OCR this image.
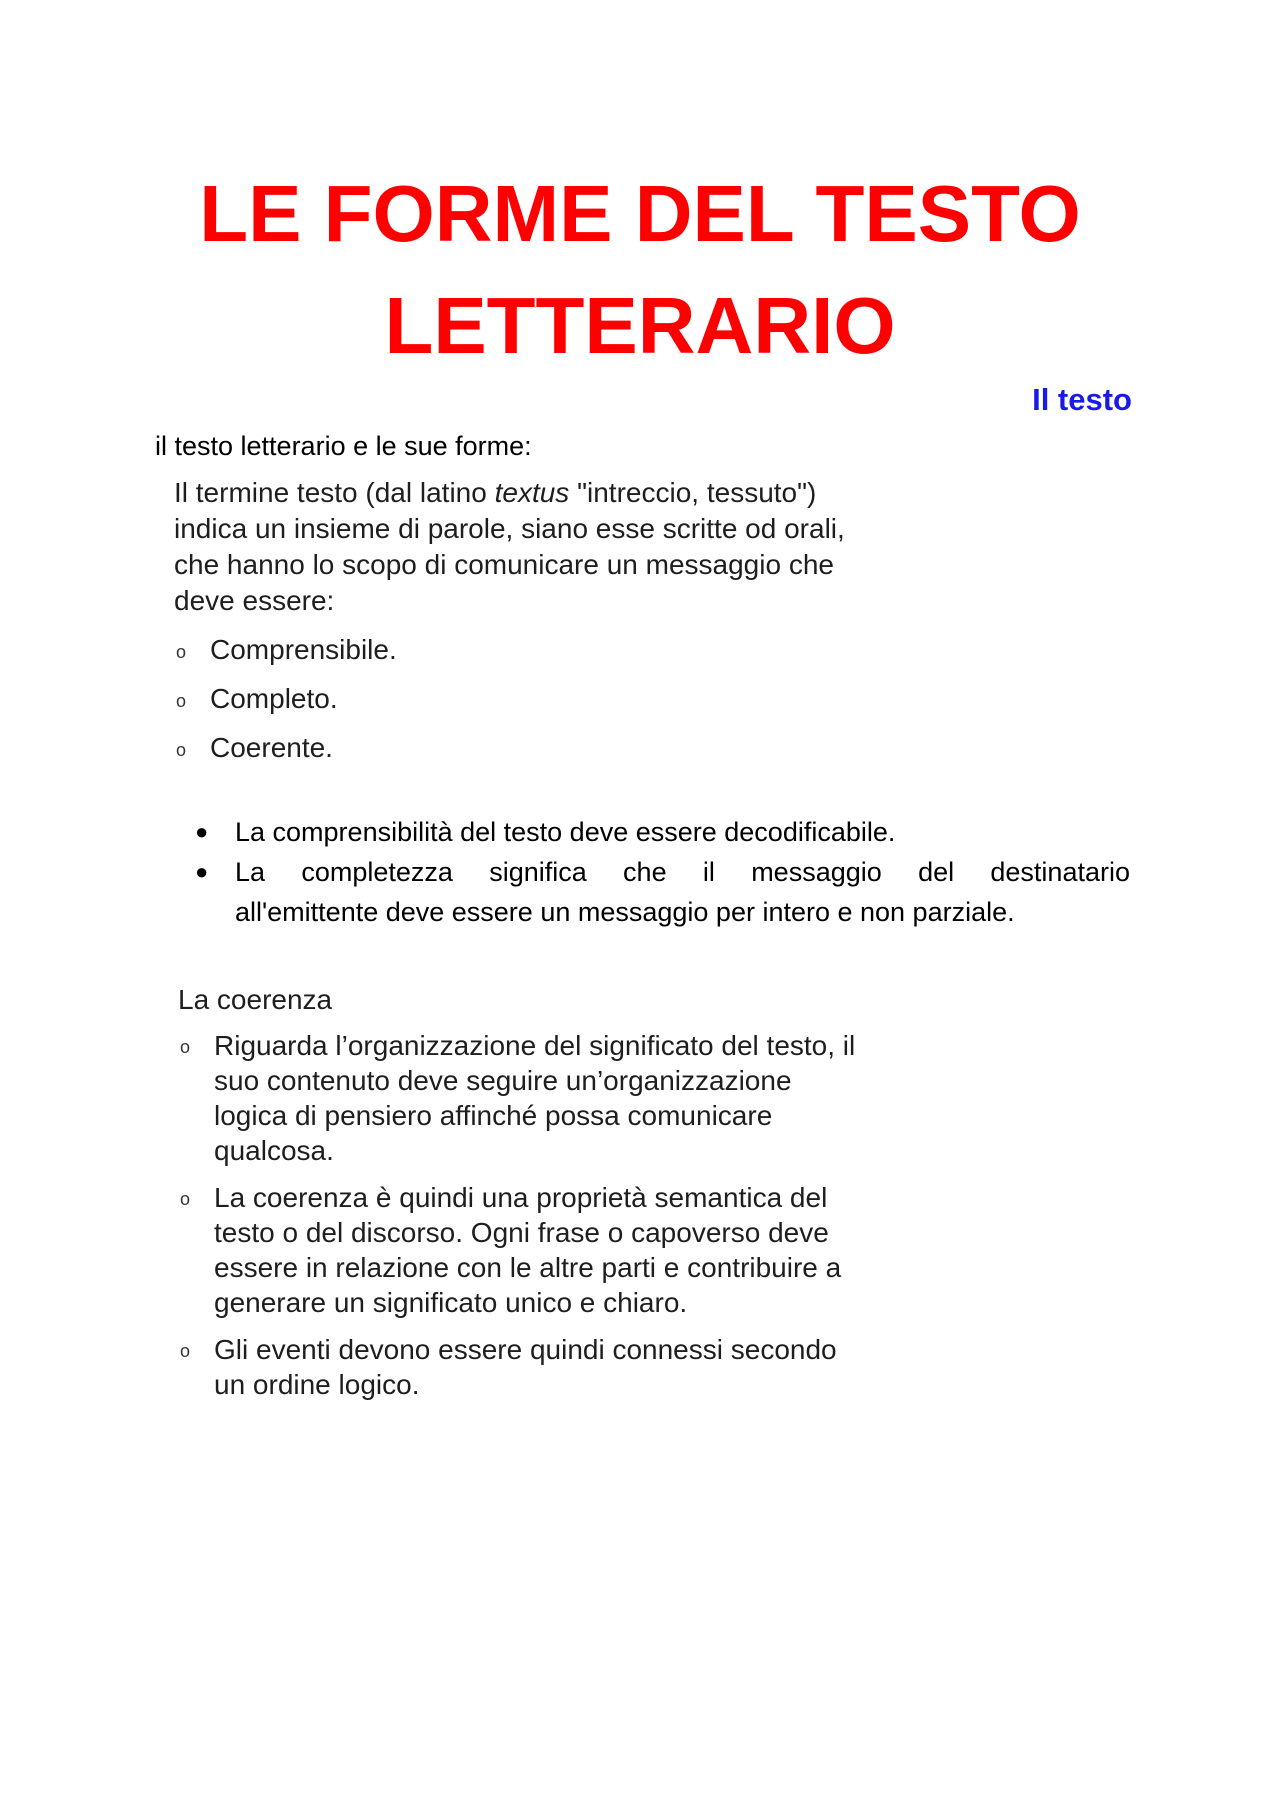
LE FORME DEL TESTO
LETTERARIO
Il testo

il testo letterario e le sue forme:

Il termine testo (dal latino textus "intreccio, tessuto")

indica un insieme di parole, siano esse scritte od orali,

che hanno lo scopo di comunicare un messaggio che

deve essere:

o Comprensibile.
o Completo.
o Coerente.
● La comprensibilità del testo deve essere decodificabile.
● La completezza significa che il messaggio del destinatario
all'emittente deve essere un messaggio per intero e non parziale.

La coerenza

o Riguarda l’organizzazione del significato del testo, il
suo contenuto deve seguire un’organizzazione
logica di pensiero affinché possa comunicare
qualcosa.
o La coerenza è quindi una proprietà semantica del
testo o del discorso. Ogni frase o capoverso deve
essere in relazione con le altre parti e contribuire a
generare un significato unico e chiaro.
o Gli eventi devono essere quindi connessi secondo
un ordine logico.
